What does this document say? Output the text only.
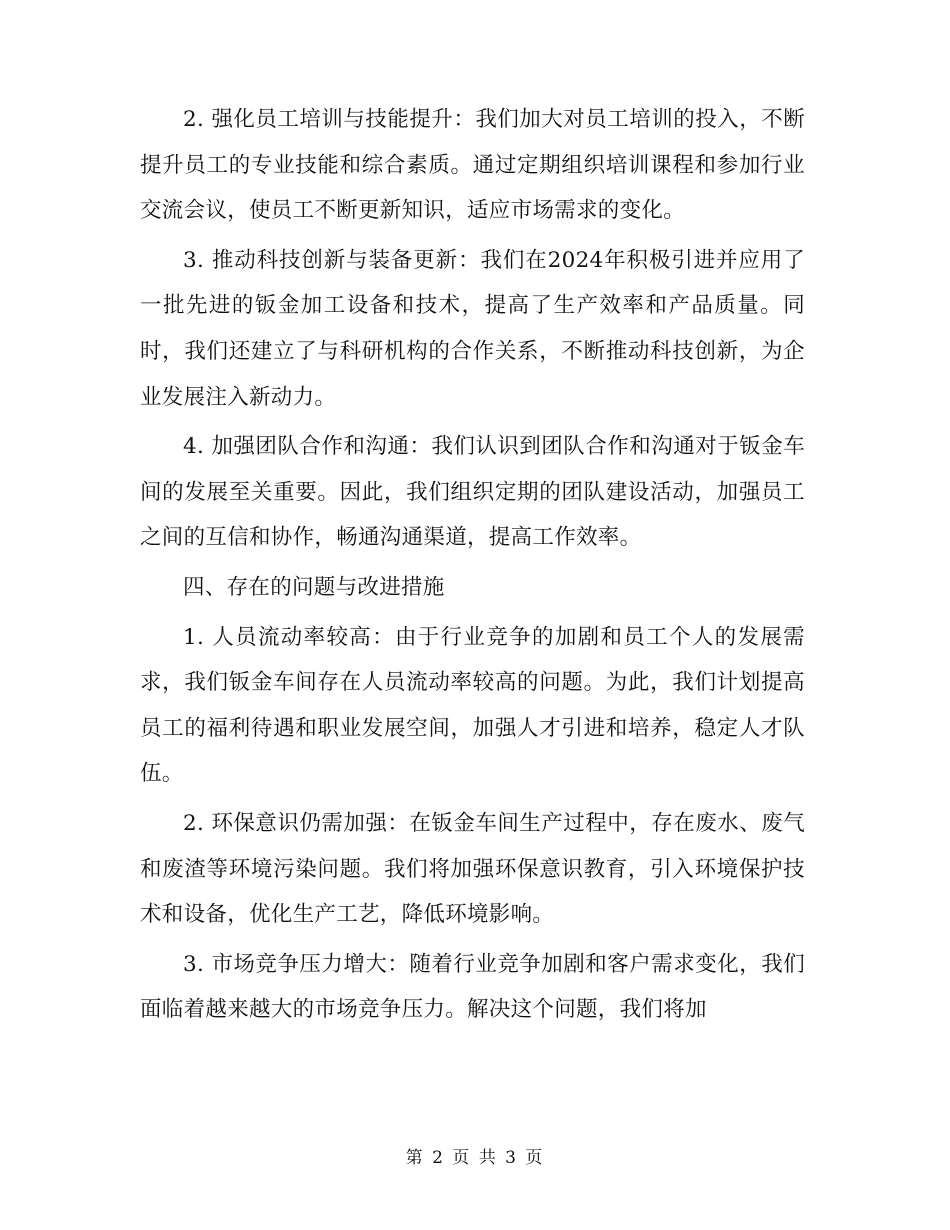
2. 强化员工培训与技能提升：我们加大对员工培训的投入，不断提升员工的专业技能和综合素质。通过定期组织培训课程和参加行业交流会议，使员工不断更新知识，适应市场需求的变化。

3. 推动科技创新与装备更新：我们在2024年积极引进并应用了一批先进的钣金加工设备和技术，提高了生产效率和产品质量。同时，我们还建立了与科研机构的合作关系，不断推动科技创新，为企业发展注入新动力。

4. 加强团队合作和沟通：我们认识到团队合作和沟通对于钣金车间的发展至关重要。因此，我们组织定期的团队建设活动，加强员工之间的互信和协作，畅通沟通渠道，提高工作效率。

四、存在的问题与改进措施

1. 人员流动率较高：由于行业竞争的加剧和员工个人的发展需求，我们钣金车间存在人员流动率较高的问题。为此，我们计划提高员工的福利待遇和职业发展空间，加强人才引进和培养，稳定人才队伍。

2. 环保意识仍需加强：在钣金车间生产过程中，存在废水、废气和废渣等环境污染问题。我们将加强环保意识教育，引入环境保护技术和设备，优化生产工艺，降低环境影响。

3. 市场竞争压力增大：随着行业竞争加剧和客户需求变化，我们面临着越来越大的市场竞争压力。解决这个问题，我们将加

第 2 页 共 3 页
